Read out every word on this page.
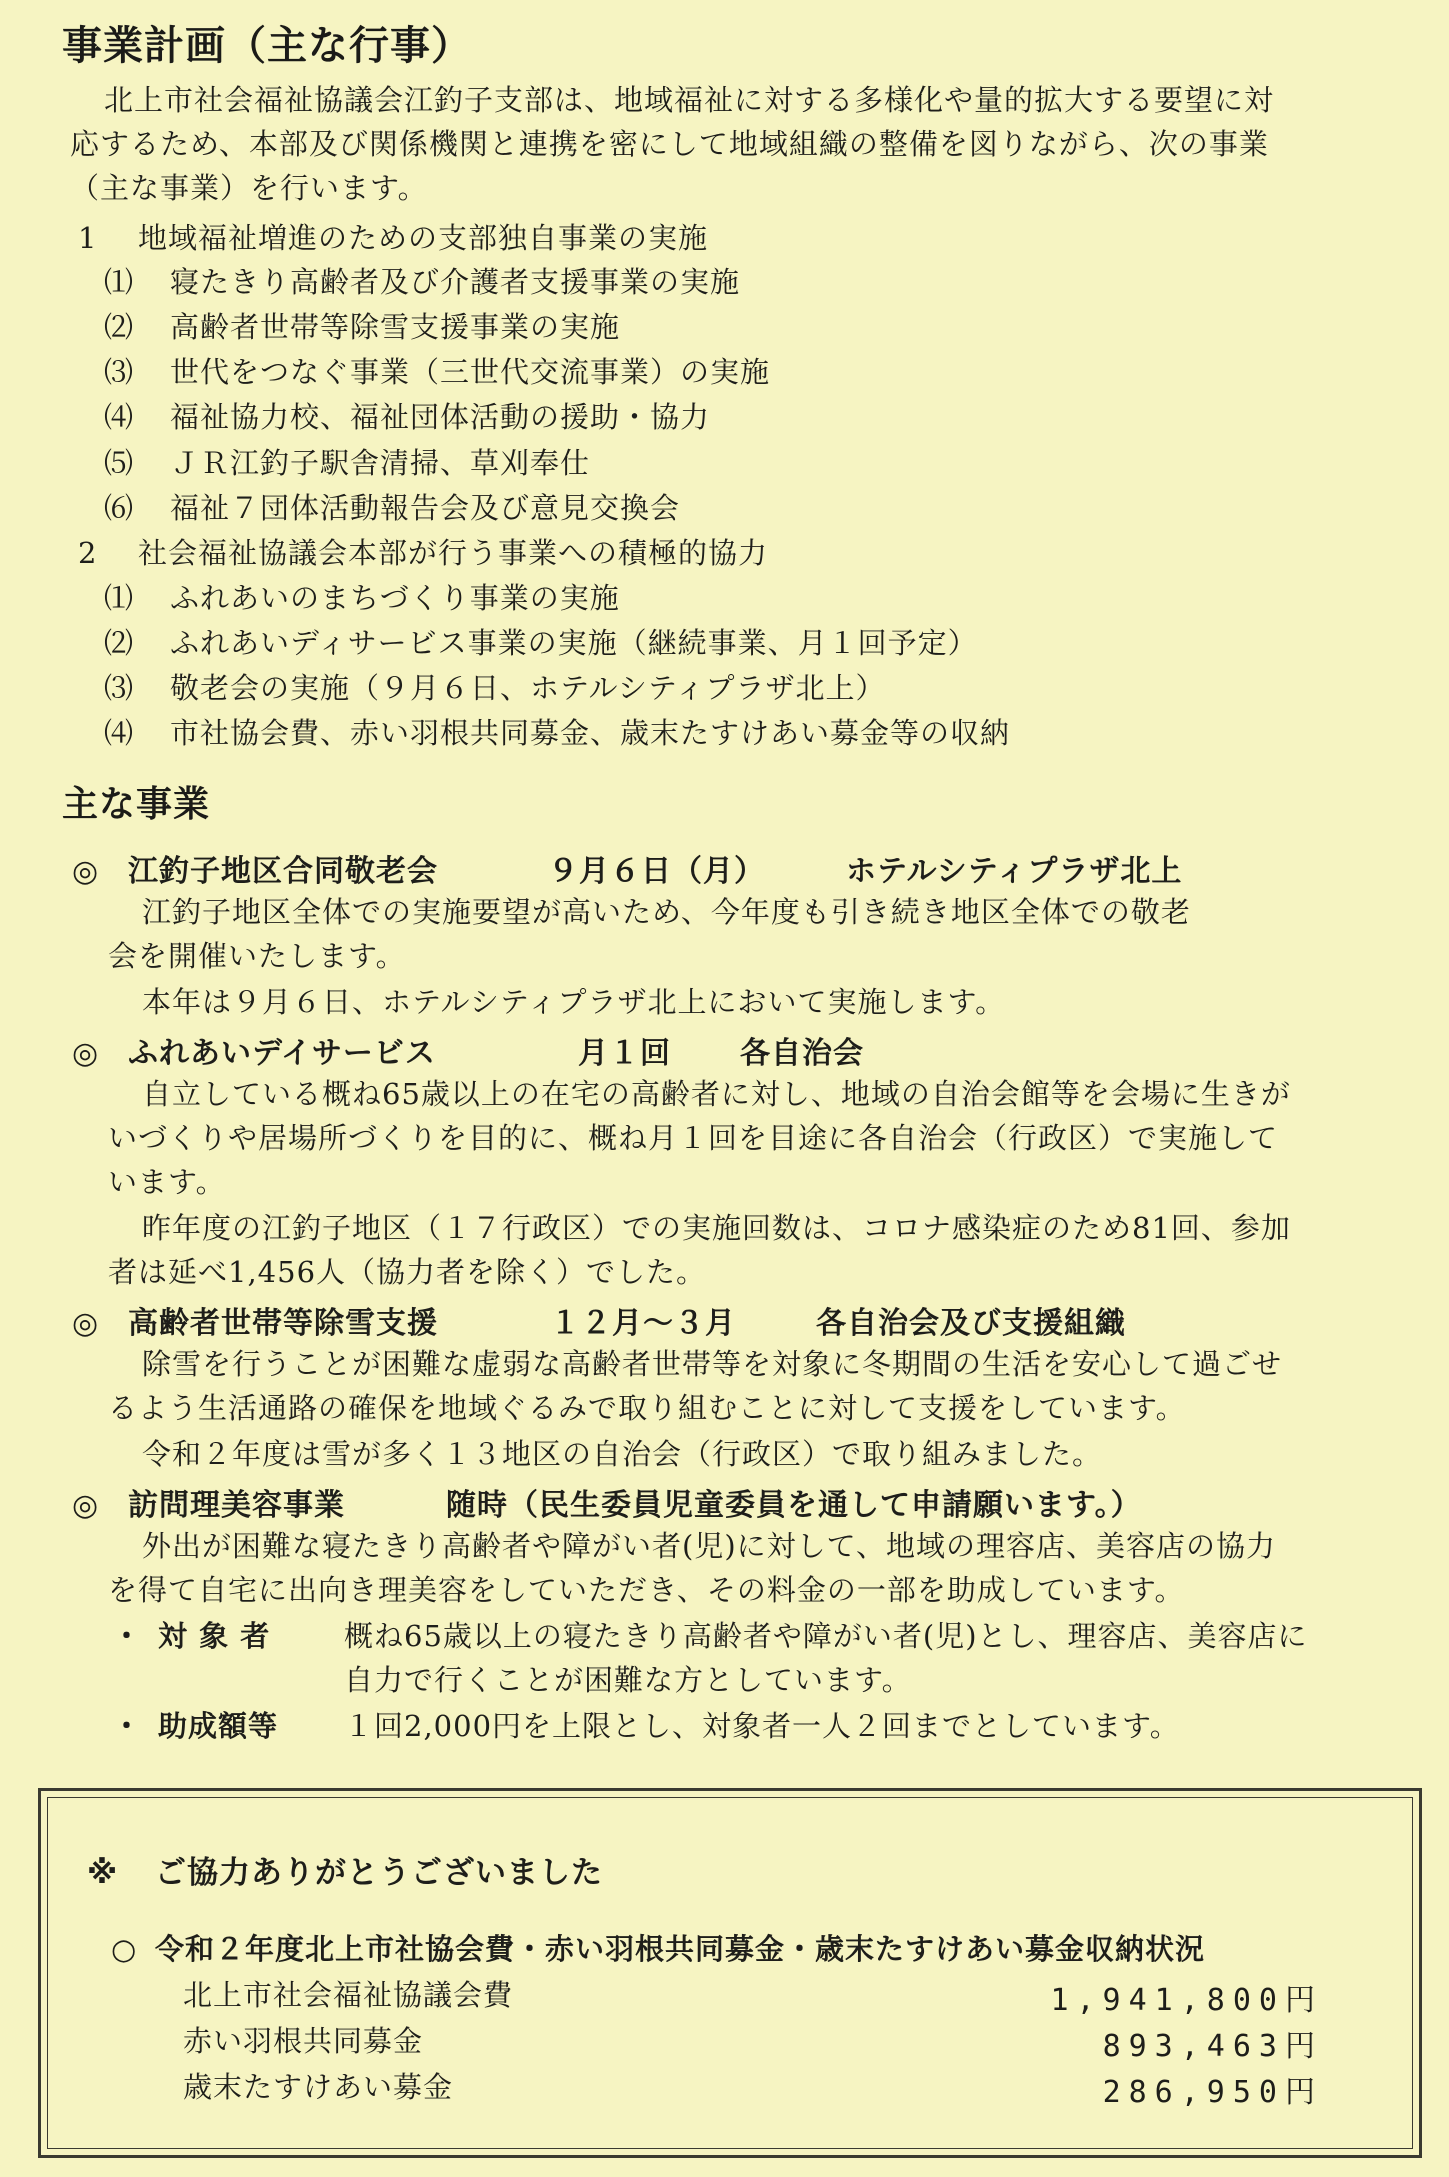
事業計画（主な行事）
北上市社会福祉協議会江釣子支部は、地域福祉に対する多様化や量的拡大する要望に対
応するため、本部及び関係機関と連携を密にして地域組織の整備を図りながら、次の事業
（主な事業）を行います。
1 地域福祉増進のための支部独自事業の実施
⑴ 寝たきり高齢者及び介護者支援事業の実施
⑵ 高齢者世帯等除雪支援事業の実施
⑶ 世代をつなぐ事業（三世代交流事業）の実施
⑷ 福祉協力校、福祉団体活動の援助・協力
⑸ ＪＲ江釣子駅舎清掃、草刈奉仕
⑹ 福祉７団体活動報告会及び意見交換会
2 社会福祉協議会本部が行う事業への積極的協力
⑴ ふれあいのまちづくり事業の実施
⑵ ふれあいディサービス事業の実施（継続事業、月１回予定）
⑶ 敬老会の実施（９月６日、ホテルシティプラザ北上）
⑷ 市社協会費、赤い羽根共同募金、歳末たすけあい募金等の収納
主な事業
◎ 江釣子地区合同敬老会	９月６日（月）	ホテルシティプラザ北上
江釣子地区全体での実施要望が高いため、今年度も引き続き地区全体での敬老
会を開催いたします。
本年は９月６日、ホテルシティプラザ北上において実施します。
◎ ふれあいデイサービス	月１回 各自治会
自立している概ね65歳以上の在宅の高齢者に対し、地域の自治会館等を会場に生きが
いづくりや居場所づくりを目的に、概ね月１回を目途に各自治会（行政区）で実施して
います。
昨年度の江釣子地区（１７行政区）での実施回数は、コロナ感染症のため81回、参加
者は延べ1,456人（協力者を除く）でした。
◎ 高齢者世帯等除雪支援	１２月～３月	各自治会及び支援組織
除雪を行うことが困難な虚弱な高齢者世帯等を対象に冬期間の生活を安心して過ごせ
るよう生活通路の確保を地域ぐるみで取り組むことに対して支援をしています。
令和２年度は雪が多く１３地区の自治会（行政区）で取り組みました。
◎ 訪問理美容事業	随時（民生委員児童委員を通して申請願います。）
外出が困難な寝たきり高齢者や障がい者(児)に対して、地域の理容店、美容店の協力
を得て自宅に出向き理美容をしていただき、その料金の一部を助成しています。
・ 対 象 者	概ね65歳以上の寝たきり高齢者や障がい者(児)とし、理容店、美容店に
自力で行くことが困難な方としています。
・ 助成額等 １回2,000円を上限とし、対象者一人２回までとしています。
※ ご協力ありがとうございました
○ 令和２年度北上市社協会費・赤い羽根共同募金・歳末たすけあい募金収納状況
北上市社会福祉協議会費	1,941,800円
赤い羽根共同募金	893,463円
歳末たすけあい募金	286,950円
